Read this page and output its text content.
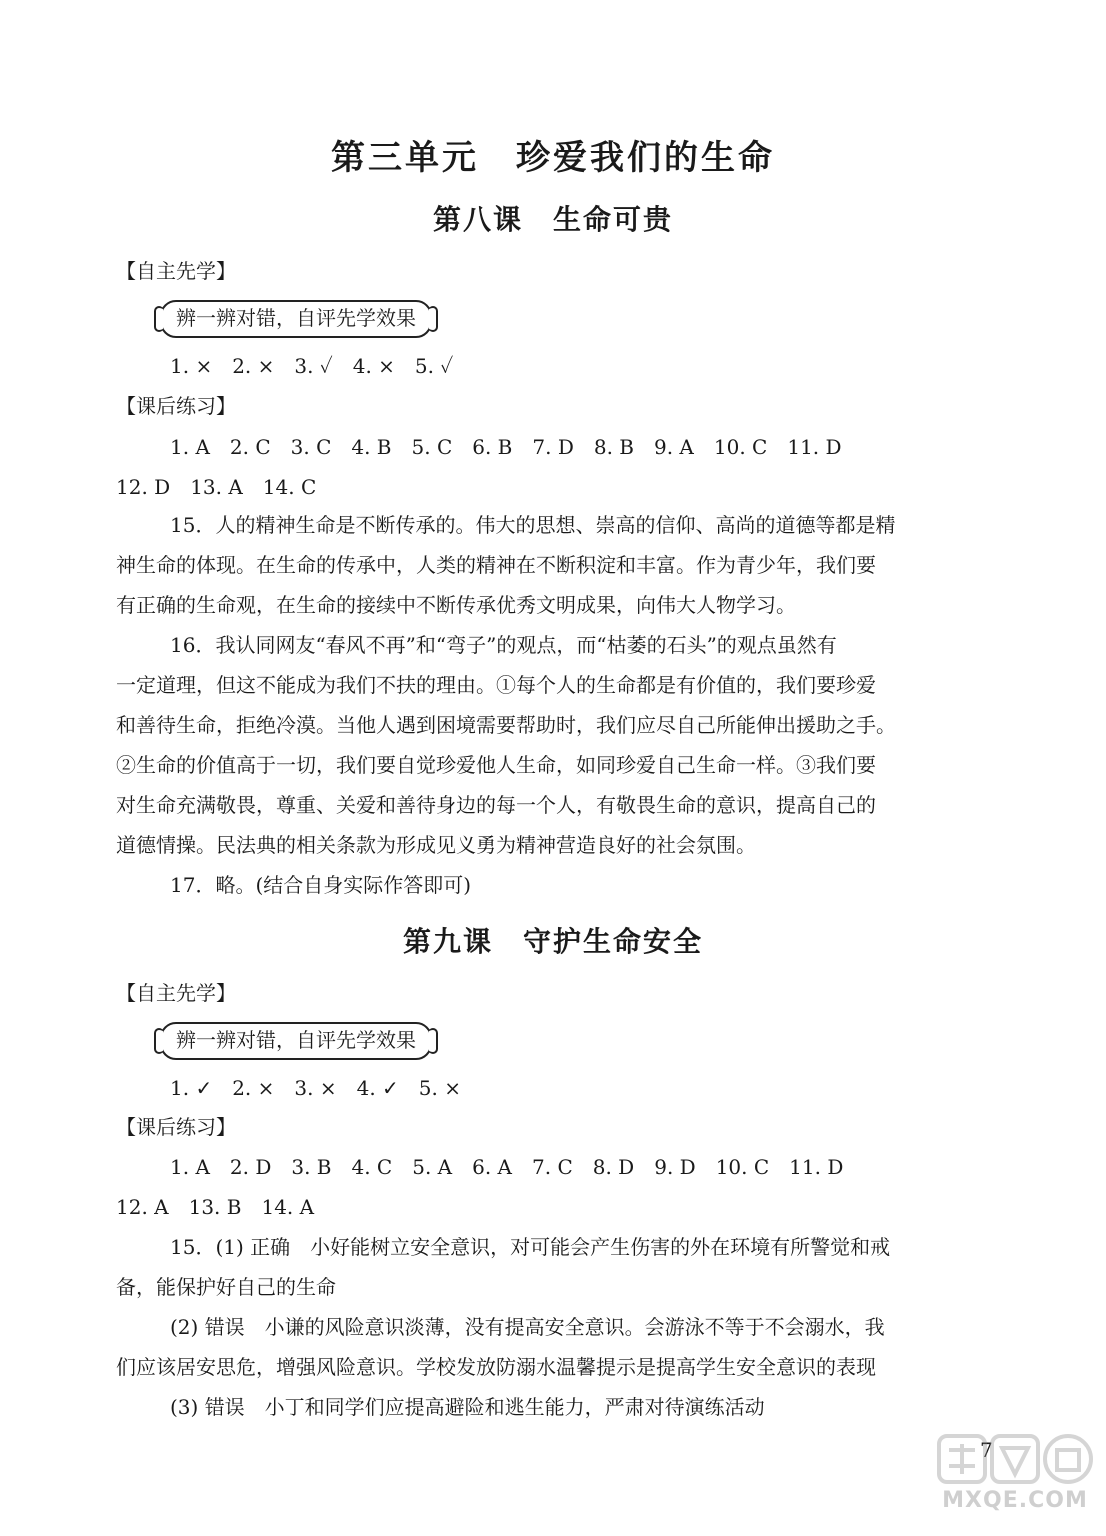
第三单元　珍爱我们的生命
第八课　生命可贵
【自主先学】
辨一辨对错，自评先学效果
1. ×　2. ×　3. ✓　4. ×　5. ✓
【课后练习】
1. A　2. C　3. C　4. B　5. C　6. B　7. D　8. B　9. A　10. C　11. D
12. D　13. A　14. C
15．人的精神生命是不断传承的。伟大的思想、崇高的信仰、高尚的道德等都是精
神生命的体现。在生命的传承中，人类的精神在不断积淀和丰富。作为青少年，我们要
有正确的生命观，在生命的接续中不断传承优秀文明成果，向伟大人物学习。
16．我认同网友“春风不再”和“弯子”的观点，而“枯萎的石头”的观点虽然有
一定道理，但这不能成为我们不扶的理由。①每个人的生命都是有价值的，我们要珍爱
和善待生命，拒绝冷漠。当他人遇到困境需要帮助时，我们应尽自己所能伸出援助之手。
②生命的价值高于一切，我们要自觉珍爱他人生命，如同珍爱自己生命一样。③我们要
对生命充满敬畏，尊重、关爱和善待身边的每一个人，有敬畏生命的意识，提高自己的
道德情操。民法典的相关条款为形成见义勇为精神营造良好的社会氛围。
17．略。(结合自身实际作答即可)
第九课　守护生命安全
【自主先学】
辨一辨对错，自评先学效果
1. ✓　2. ×　3. ×　4. ✓　5. ×
【课后练习】
1. A　2. D　3. B　4. C　5. A　6. A　7. C　8. D　9. D　10. C　11. D
12. A　13. B　14. A
15．(1) 正确　小好能树立安全意识，对可能会产生伤害的外在环境有所警觉和戒
备，能保护好自己的生命
(2) 错误　小谦的风险意识淡薄，没有提高安全意识。会游泳不等于不会溺水，我
们应该居安思危，增强风险意识。学校发放防溺水温馨提示是提高学生安全意识的表现
(3) 错误　小丁和同学们应提高避险和逃生能力，严肃对待演练活动
7
MXQE.COM
